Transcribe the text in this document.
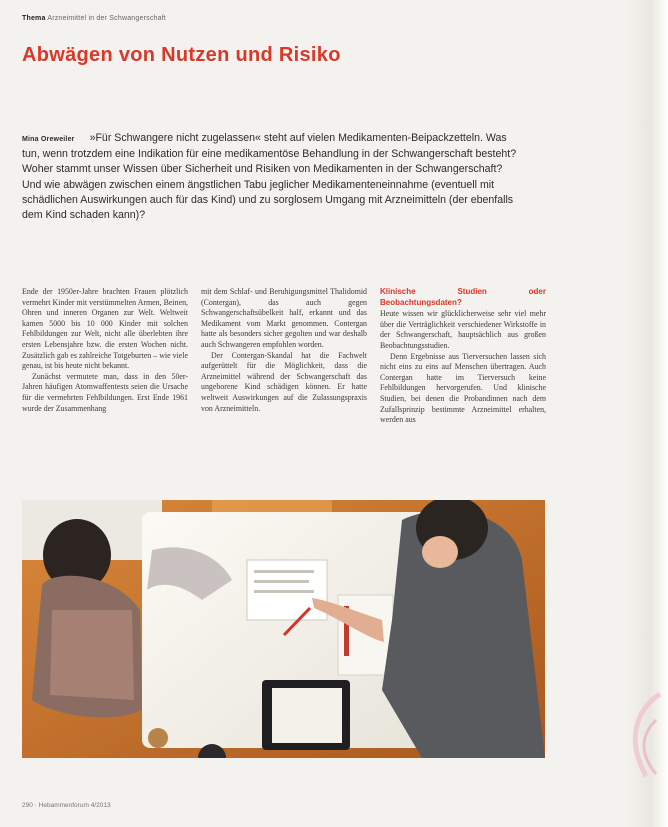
Thema Arzneimittel in der Schwangerschaft
Abwägen von Nutzen und Risiko
Mina Oreweiler »Für Schwangere nicht zugelassen« steht auf vielen Medikamenten-Beipackzetteln. Was tun, wenn trotzdem eine Indikation für eine medikamentöse Behandlung in der Schwangerschaft besteht? Woher stammt unser Wissen über Sicherheit und Risiken von Medikamenten in der Schwangerschaft? Und wie abwägen zwischen einem ängstlichen Tabu jeglicher Medikamenteneinnahme (eventuell mit schädlichen Auswirkungen auch für das Kind) und zu sorglosem Umgang mit Arzneimitteln (der ebenfalls dem Kind schaden kann)?

Ende der 1950er-Jahre brachten Frauen plötzlich vermehrt Kinder mit verstümmelten Armen, Beinen, Ohren und inneren Organen zur Welt. Weltweit kamen 5000 bis 10 000 Kinder mit solchen Fehlbildungen zur Welt, nicht alle überlebten ihre ersten Lebensjahre bzw. die ersten Wochen nicht. Zusätzlich gab es zahlreiche Totgeburten – wie viele genau, ist bis heute nicht bekannt.

Zunächst vermutete man, dass in den 50er-Jahren häufigen Atomwaffentests seien die Ursache für die vermehrten Fehlbildungen. Erst Ende 1961 wurde der Zusammenhang

mit dem Schlaf- und Beruhigungsmittel Thalidomid (Contergan), das auch gegen Schwangerschaftsübelkeit half, erkannt und das Medikament vom Markt genommen. Contergan hatte als besonders sicher gegolten und war deshalb auch Schwangeren empfohlen worden.

Der Contergan-Skandal hat die Fachwelt aufgerüttelt für die Möglichkeit, dass die Arzneimittel während der Schwangerschaft das ungeborene Kind schädigen können. Er hatte weltweit Auswirkungen auf die Zulassungspraxis von Arzneimitteln.

Klinische Studien oder Beobachtungsdaten?

Heute wissen wir glücklicherweise sehr viel mehr über die Verträglichkeit verschiedener Wirkstoffe in der Schwangerschaft, hauptsächlich aus großen Beobachtungsstudien.

Denn Ergebnisse aus Tierversuchen lassen sich nicht eins zu eins auf Menschen übertragen. Auch Contergan hatte im Tierversuch keine Fehlbildungen hervorgerufen. Und klinische Studien, bei denen die Probandinnen nach dem Zufallsprinzip bestimmte Arzneimittel erhalten, werden aus

290 · Hebammenforum 4/2013
